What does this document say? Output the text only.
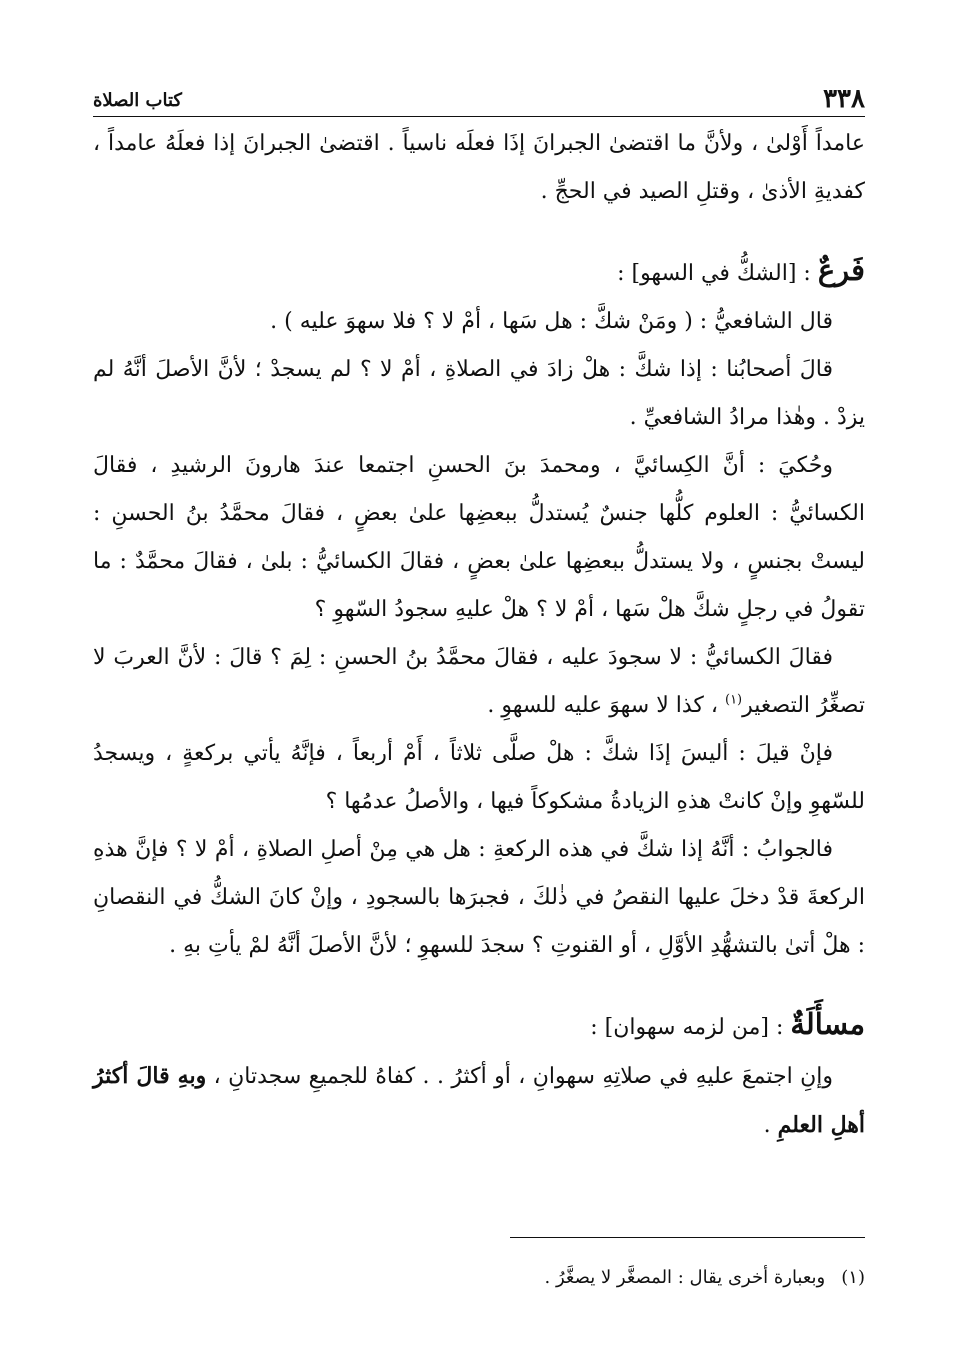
٣٣٨
كتاب الصلاة

عامداً أَوْلىٰ ، ولأنَّ ما اقتضىٰ الجبرانَ إذَا فعلَه ناسياً . اقتضىٰ الجبرانَ إذا فعلَهُ عامداً ، كفديةِ الأذىٰ ، وقتلِ الصيد في الحجِّ .

فَرعٌ : [الشكُّ في السهو] :

قال الشافعيُّ : ( ومَنْ شكَّ : هل سَها ، أمْ لا ؟ فلا سهوَ عليه ) .

قالَ أصحابُنا : إذا شكَّ : هلْ زادَ في الصلاةِ ، أمْ لا ؟ لم يسجدْ ؛ لأنَّ الأصلَ أنَّهُ لم يزدْ . وهٰذا مرادُ الشافعيِّ .

وحُكيَ : أنَّ الكِسائيَّ ، ومحمدَ بنَ الحسنِ اجتمعا عندَ هارونَ الرشيدِ ، فقالَ الكسائيُّ : العلوم كلُّها جنسٌ يُستدلُّ ببعضِها علىٰ بعضٍ ، فقالَ محمَّدُ بنُ الحسنِ : ليستْ بجنسٍ ، ولا يستدلُّ ببعضِها علىٰ بعضٍ ، فقالَ الكسائيُّ : بلىٰ ، فقالَ محمَّدٌ : ما تقولُ في رجلٍ شكَّ هلْ سَها ، أمْ لا ؟ هلْ عليهِ سجودُ السّهوِ ؟

فقالَ الكسائيُّ : لا سجودَ عليه ، فقالَ محمَّدُ بنُ الحسنِ : لِمَ ؟ قالَ : لأنَّ العربَ لا تصغِّرُ التصغير$^{(١)}$ ، كذا لا سهوَ عليه للسهوِ .

فإنْ قيلَ : أليسَ إذَا شكَّ : هلْ صلَّى ثلاثاً ، أَمْ أربعاً ، فإنَّهُ يأتي بركعةٍ ، ويسجدُ للسّهوِ وإنْ كانتْ هذهِ الزيادةُ مشكوكاً فيها ، والأصلُ عدمُها ؟

فالجوابُ : أنَّهُ إذا شكَّ في هذه الركعةِ : هل هي مِنْ أصلِ الصلاةِ ، أمْ لا ؟ فإنَّ هذهِ الركعةَ قدْ دخلَ عليها النقصُ في ذٰلكَ ، فجبرَها بالسجودِ ، وإنْ كانَ الشكُّ في النقصانِ : هلْ أتىٰ بالتشهُّدِ الأوَّلِ ، أو القنوتِ ؟ سجدَ للسهوِ ؛ لأنَّ الأصلَ أنَّهُ لمْ يأتِ بهِ .

مسأَلَةٌ : [من لزمه سهوان] :

وإنِ اجتمعَ عليهِ في صلاتِهِ سهوانِ ، أو أكثرُ . . كفاهُ للجميعِ سجدتانِ ، وبهِ قالَ أكثرُ أهلِ العلمِ .

(١)وبعبارة أخرى يقال : المصغَّر لا يصغَّرُ .
